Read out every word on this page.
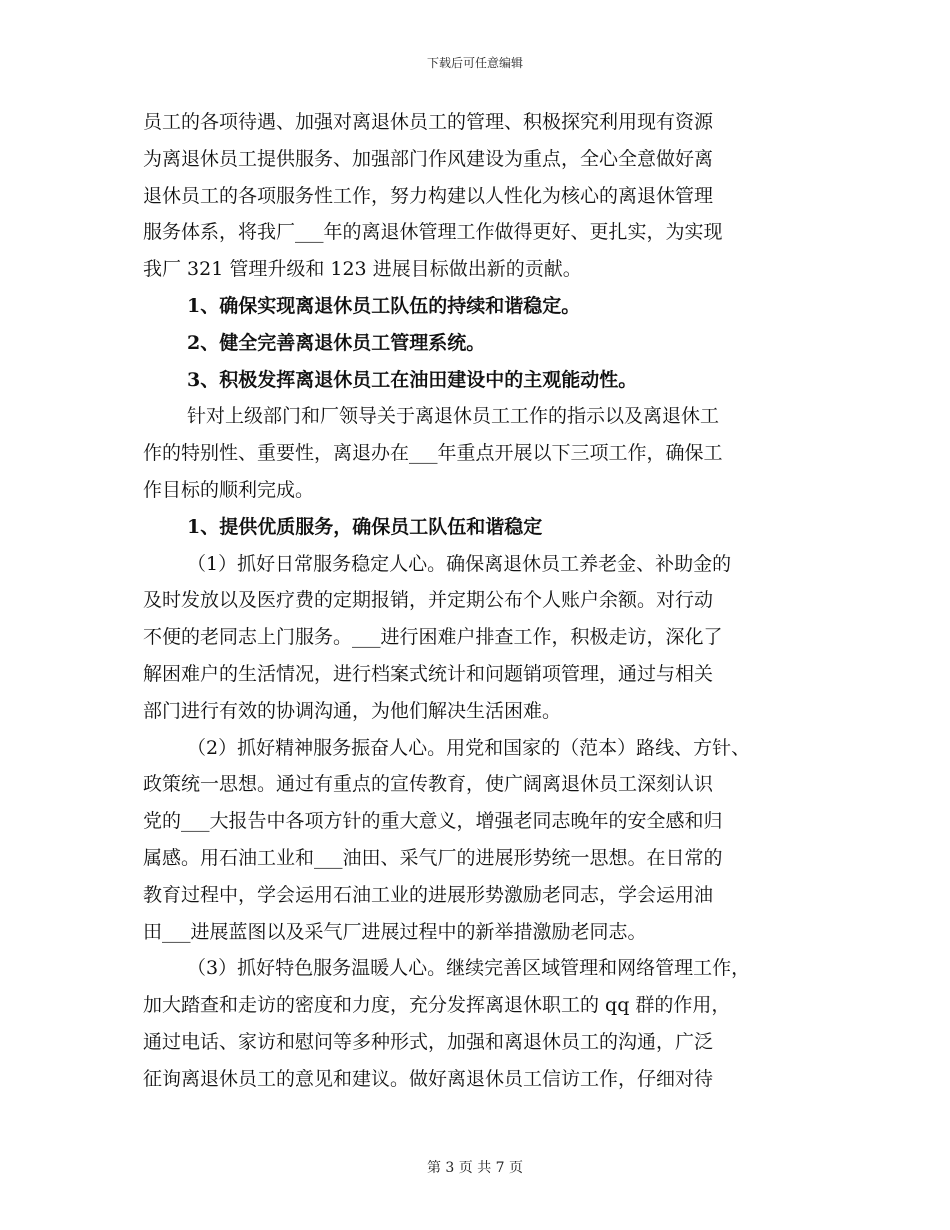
下载后可任意编辑
员工的各项待遇、加强对离退休员工的管理、积极探究利用现有资源
为离退休员工提供服务、加强部门作风建设为重点，全心全意做好离
退休员工的各项服务性工作，努力构建以人性化为核心的离退休管理
服务体系，将我厂___年的离退休管理工作做得更好、更扎实，为实现
我厂 321 管理升级和 123 进展目标做出新的贡献。
1、确保实现离退休员工队伍的持续和谐稳定。
2、健全完善离退休员工管理系统。
3、积极发挥离退休员工在油田建设中的主观能动性。
针对上级部门和厂领导关于离退休员工工作的指示以及离退休工
作的特别性、重要性，离退办在___年重点开展以下三项工作，确保工
作目标的顺利完成。
1、提供优质服务，确保员工队伍和谐稳定
（1）抓好日常服务稳定人心。确保离退休员工养老金、补助金的
及时发放以及医疗费的定期报销，并定期公布个人账户余额。对行动
不便的老同志上门服务。___进行困难户排查工作，积极走访，深化了
解困难户的生活情况，进行档案式统计和问题销项管理，通过与相关
部门进行有效的协调沟通，为他们解决生活困难。
（2）抓好精神服务振奋人心。用党和国家的（范本）路线、方针、
政策统一思想。通过有重点的宣传教育，使广阔离退休员工深刻认识
党的___大报告中各项方针的重大意义，增强老同志晚年的安全感和归
属感。用石油工业和___油田、采气厂的进展形势统一思想。在日常的
教育过程中，学会运用石油工业的进展形势激励老同志，学会运用油
田___进展蓝图以及采气厂进展过程中的新举措激励老同志。
（3）抓好特色服务温暖人心。继续完善区域管理和网络管理工作，
加大踏查和走访的密度和力度，充分发挥离退休职工的 qq 群的作用，
通过电话、家访和慰问等多种形式，加强和离退休员工的沟通，广泛
征询离退休员工的意见和建议。做好离退休员工信访工作，仔细对待
第 3 页 共 7 页
